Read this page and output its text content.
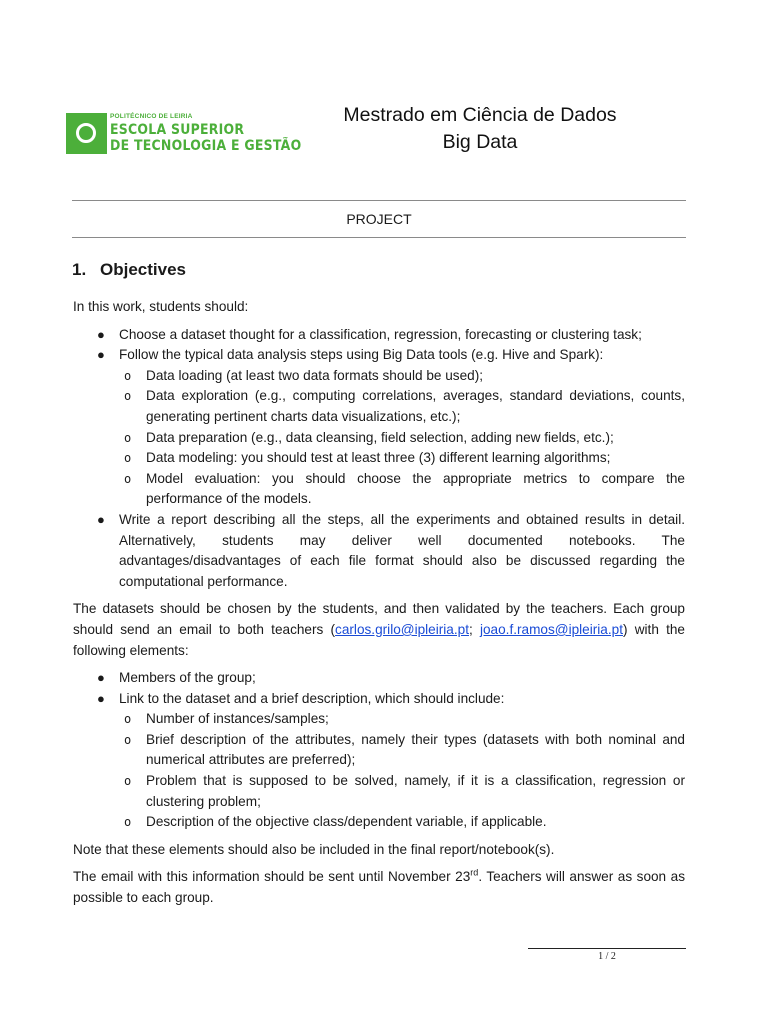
POLITÉCNICO DE LEIRIA
ESCOLA SUPERIOR
DE TECNOLOGIA E GESTÃO
Mestrado em Ciência de Dados
Big Data
PROJECT
1. Objectives

In this work, students should:

● Choose a dataset thought for a classification, regression, forecasting or clustering task;
● Follow the typical data analysis steps using Big Data tools (e.g. Hive and Spark):
o Data loading (at least two data formats should be used);
o Data exploration (e.g., computing correlations, averages, standard deviations, counts, generating pertinent charts data visualizations, etc.);
o Data preparation (e.g., data cleansing, field selection, adding new fields, etc.);
o Data modeling: you should test at least three (3) different learning algorithms;
o Model evaluation: you should choose the appropriate metrics to compare the performance of the models.
● Write a report describing all the steps, all the experiments and obtained results in detail. Alternatively, students may deliver well documented notebooks. The advantages/disadvantages of each file format should also be discussed regarding the computational performance.

The datasets should be chosen by the students, and then validated by the teachers. Each group should send an email to both teachers (carlos.grilo@ipleiria.pt; joao.f.ramos@ipleiria.pt) with the following elements:

● Members of the group;
● Link to the dataset and a brief description, which should include:
o Number of instances/samples;
o Brief description of the attributes, namely their types (datasets with both nominal and numerical attributes are preferred);
o Problem that is supposed to be solved, namely, if it is a classification, regression or clustering problem;
o Description of the objective class/dependent variable, if applicable.

Note that these elements should also be included in the final report/notebook(s).

The email with this information should be sent until November 23rd. Teachers will answer as soon as possible to each group.

1 / 2
